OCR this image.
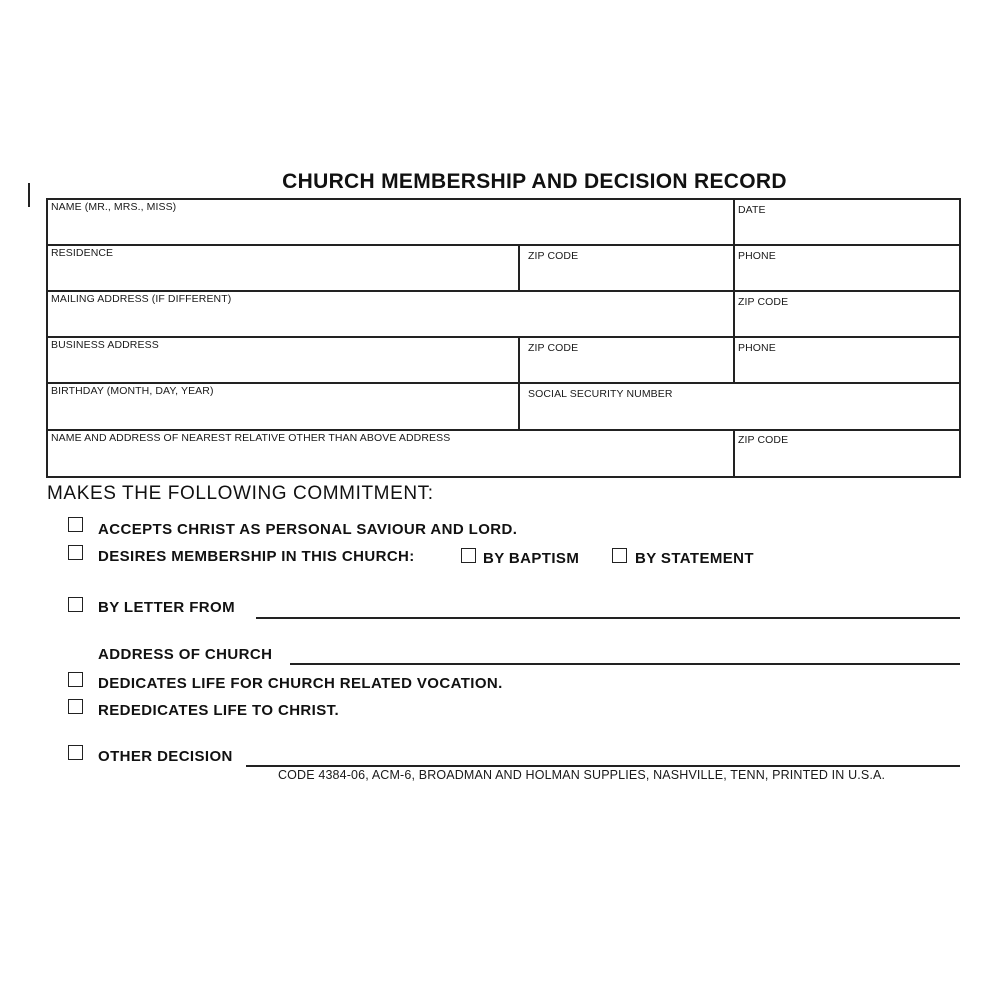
CHURCH MEMBERSHIP AND DECISION RECORD
NAME (MR., MRS., MISS)	DATE
RESIDENCE	ZIP CODE	PHONE
MAILING ADDRESS (IF DIFFERENT)	ZIP CODE
BUSINESS ADDRESS	ZIP CODE	PHONE
BIRTHDAY (MONTH, DAY, YEAR)	SOCIAL SECURITY NUMBER
NAME AND ADDRESS OF NEAREST RELATIVE OTHER THAN ABOVE ADDRESS	ZIP CODE
MAKES THE FOLLOWING COMMITMENT:
ACCEPTS CHRIST AS PERSONAL SAVIOUR AND LORD.
DESIRES MEMBERSHIP IN THIS CHURCH:	BY BAPTISM	BY STATEMENT
BY LETTER FROM
ADDRESS OF CHURCH
DEDICATES LIFE FOR CHURCH RELATED VOCATION.
REDEDICATES LIFE TO CHRIST.
OTHER DECISION
CODE 4384-06, ACM-6, BROADMAN AND HOLMAN SUPPLIES, NASHVILLE, TENN, PRINTED IN U.S.A.
